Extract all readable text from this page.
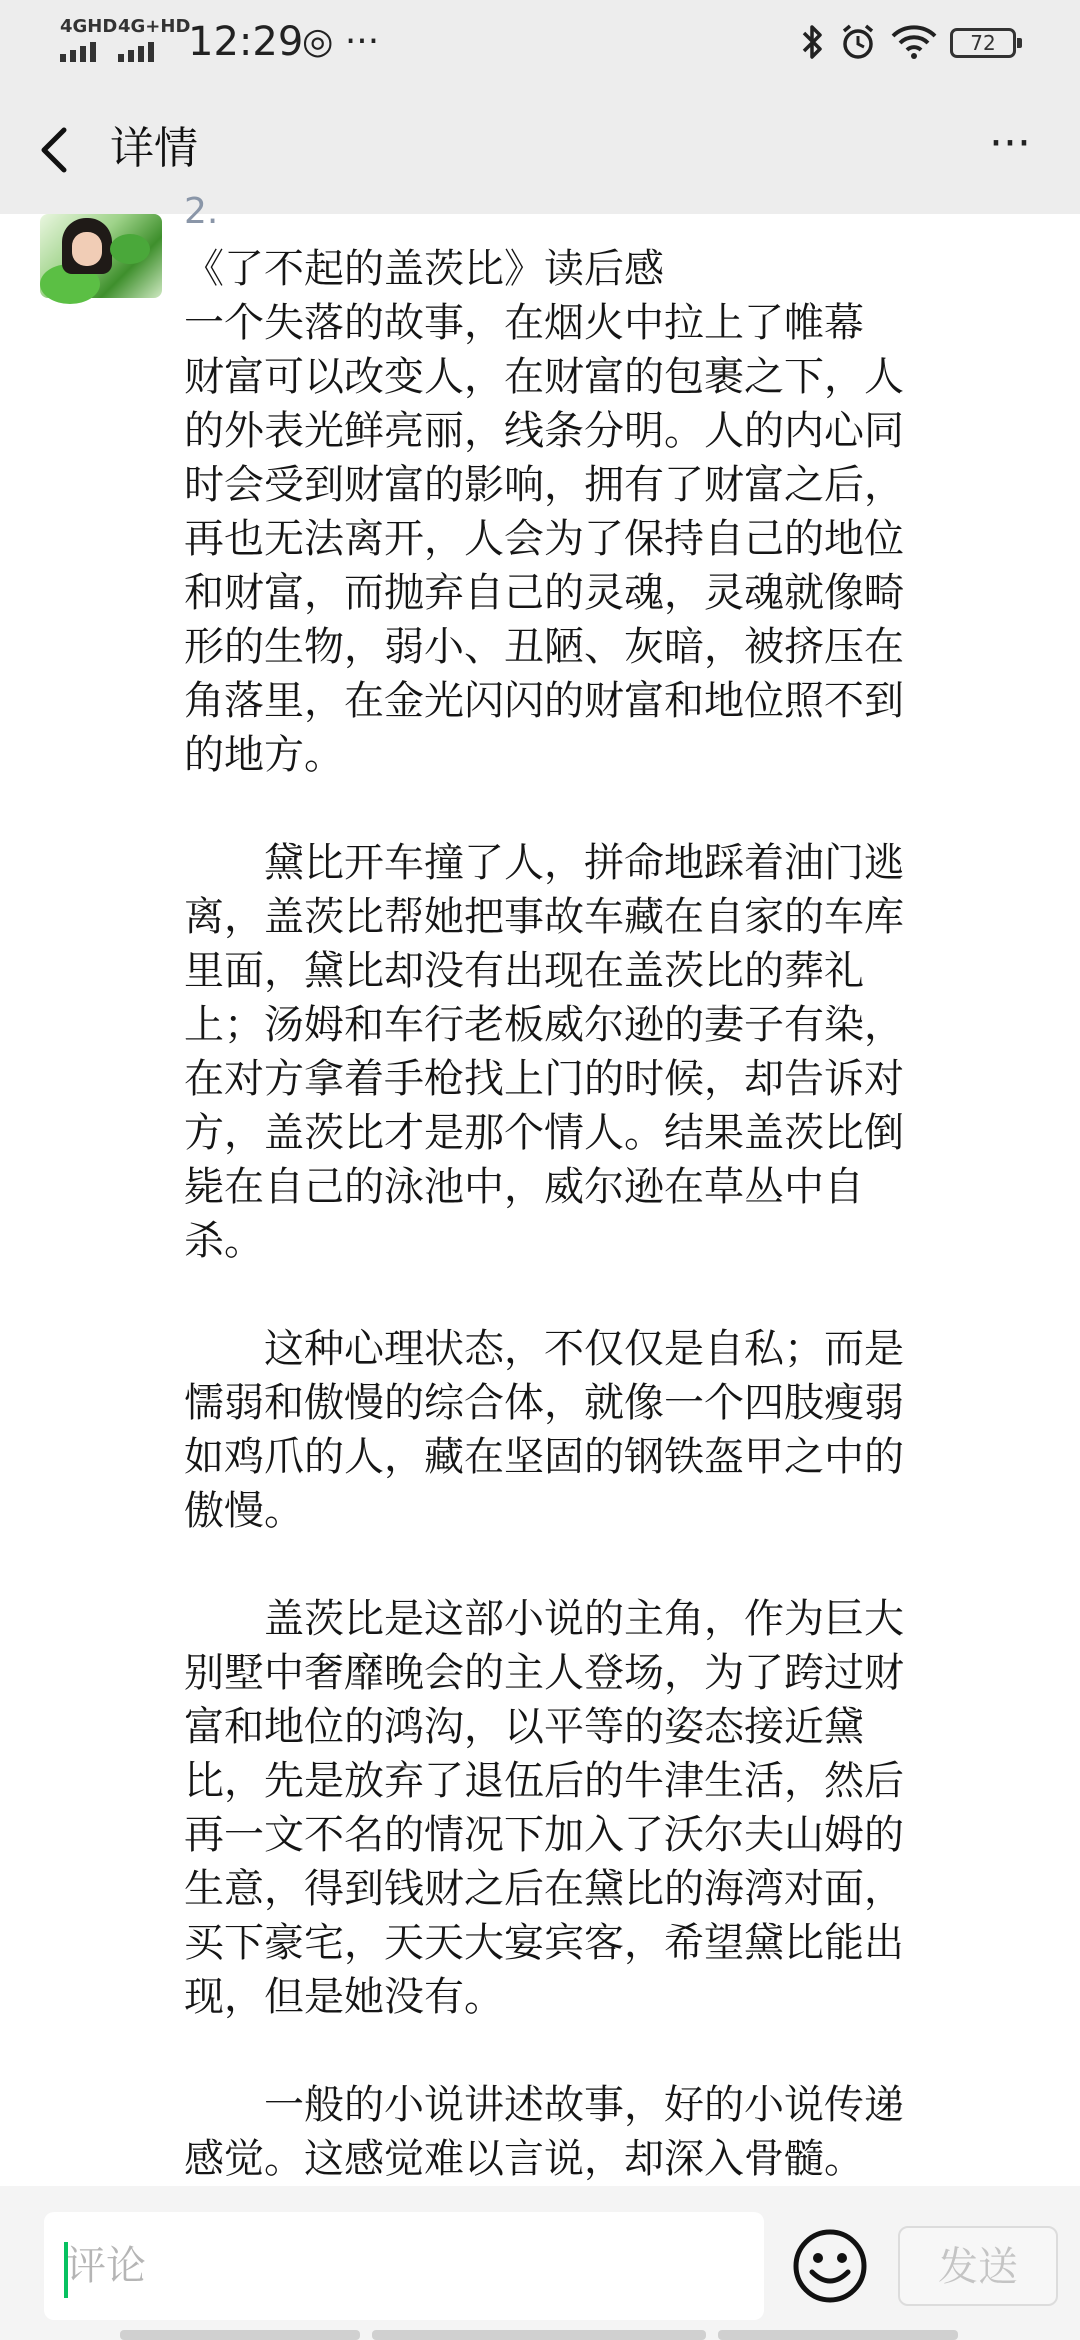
4GHD 4G+HD
12:29
◎ ···	72
详情	···
2.
《了不起的盖茨比》读后感
一个失落的故事，在烟火中拉上了帷幕
财富可以改变人，在财富的包裹之下，人
的外表光鲜亮丽，线条分明。人的内心同
时会受到财富的影响，拥有了财富之后，
再也无法离开，人会为了保持自己的地位
和财富，而抛弃自己的灵魂，灵魂就像畸
形的生物，弱小、丑陋、灰暗，被挤压在
角落里，在金光闪闪的财富和地位照不到
的地方。
　　黛比开车撞了人，拼命地踩着油门逃
离，盖茨比帮她把事故车藏在自家的车库
里面，黛比却没有出现在盖茨比的葬礼
上；汤姆和车行老板威尔逊的妻子有染，
在对方拿着手枪找上门的时候，却告诉对
方，盖茨比才是那个情人。结果盖茨比倒
毙在自己的泳池中，威尔逊在草丛中自
杀。
　　这种心理状态，不仅仅是自私；而是
懦弱和傲慢的综合体，就像一个四肢瘦弱
如鸡爪的人，藏在坚固的钢铁盔甲之中的
傲慢。
　　盖茨比是这部小说的主角，作为巨大
别墅中奢靡晚会的主人登场，为了跨过财
富和地位的鸿沟，以平等的姿态接近黛
比，先是放弃了退伍后的牛津生活，然后
再一文不名的情况下加入了沃尔夫山姆的
生意，得到钱财之后在黛比的海湾对面，
买下豪宅，天天大宴宾客，希望黛比能出
现，但是她没有。
　　一般的小说讲述故事，好的小说传递
感觉。这感觉难以言说，却深入骨髓。
评论
发送
